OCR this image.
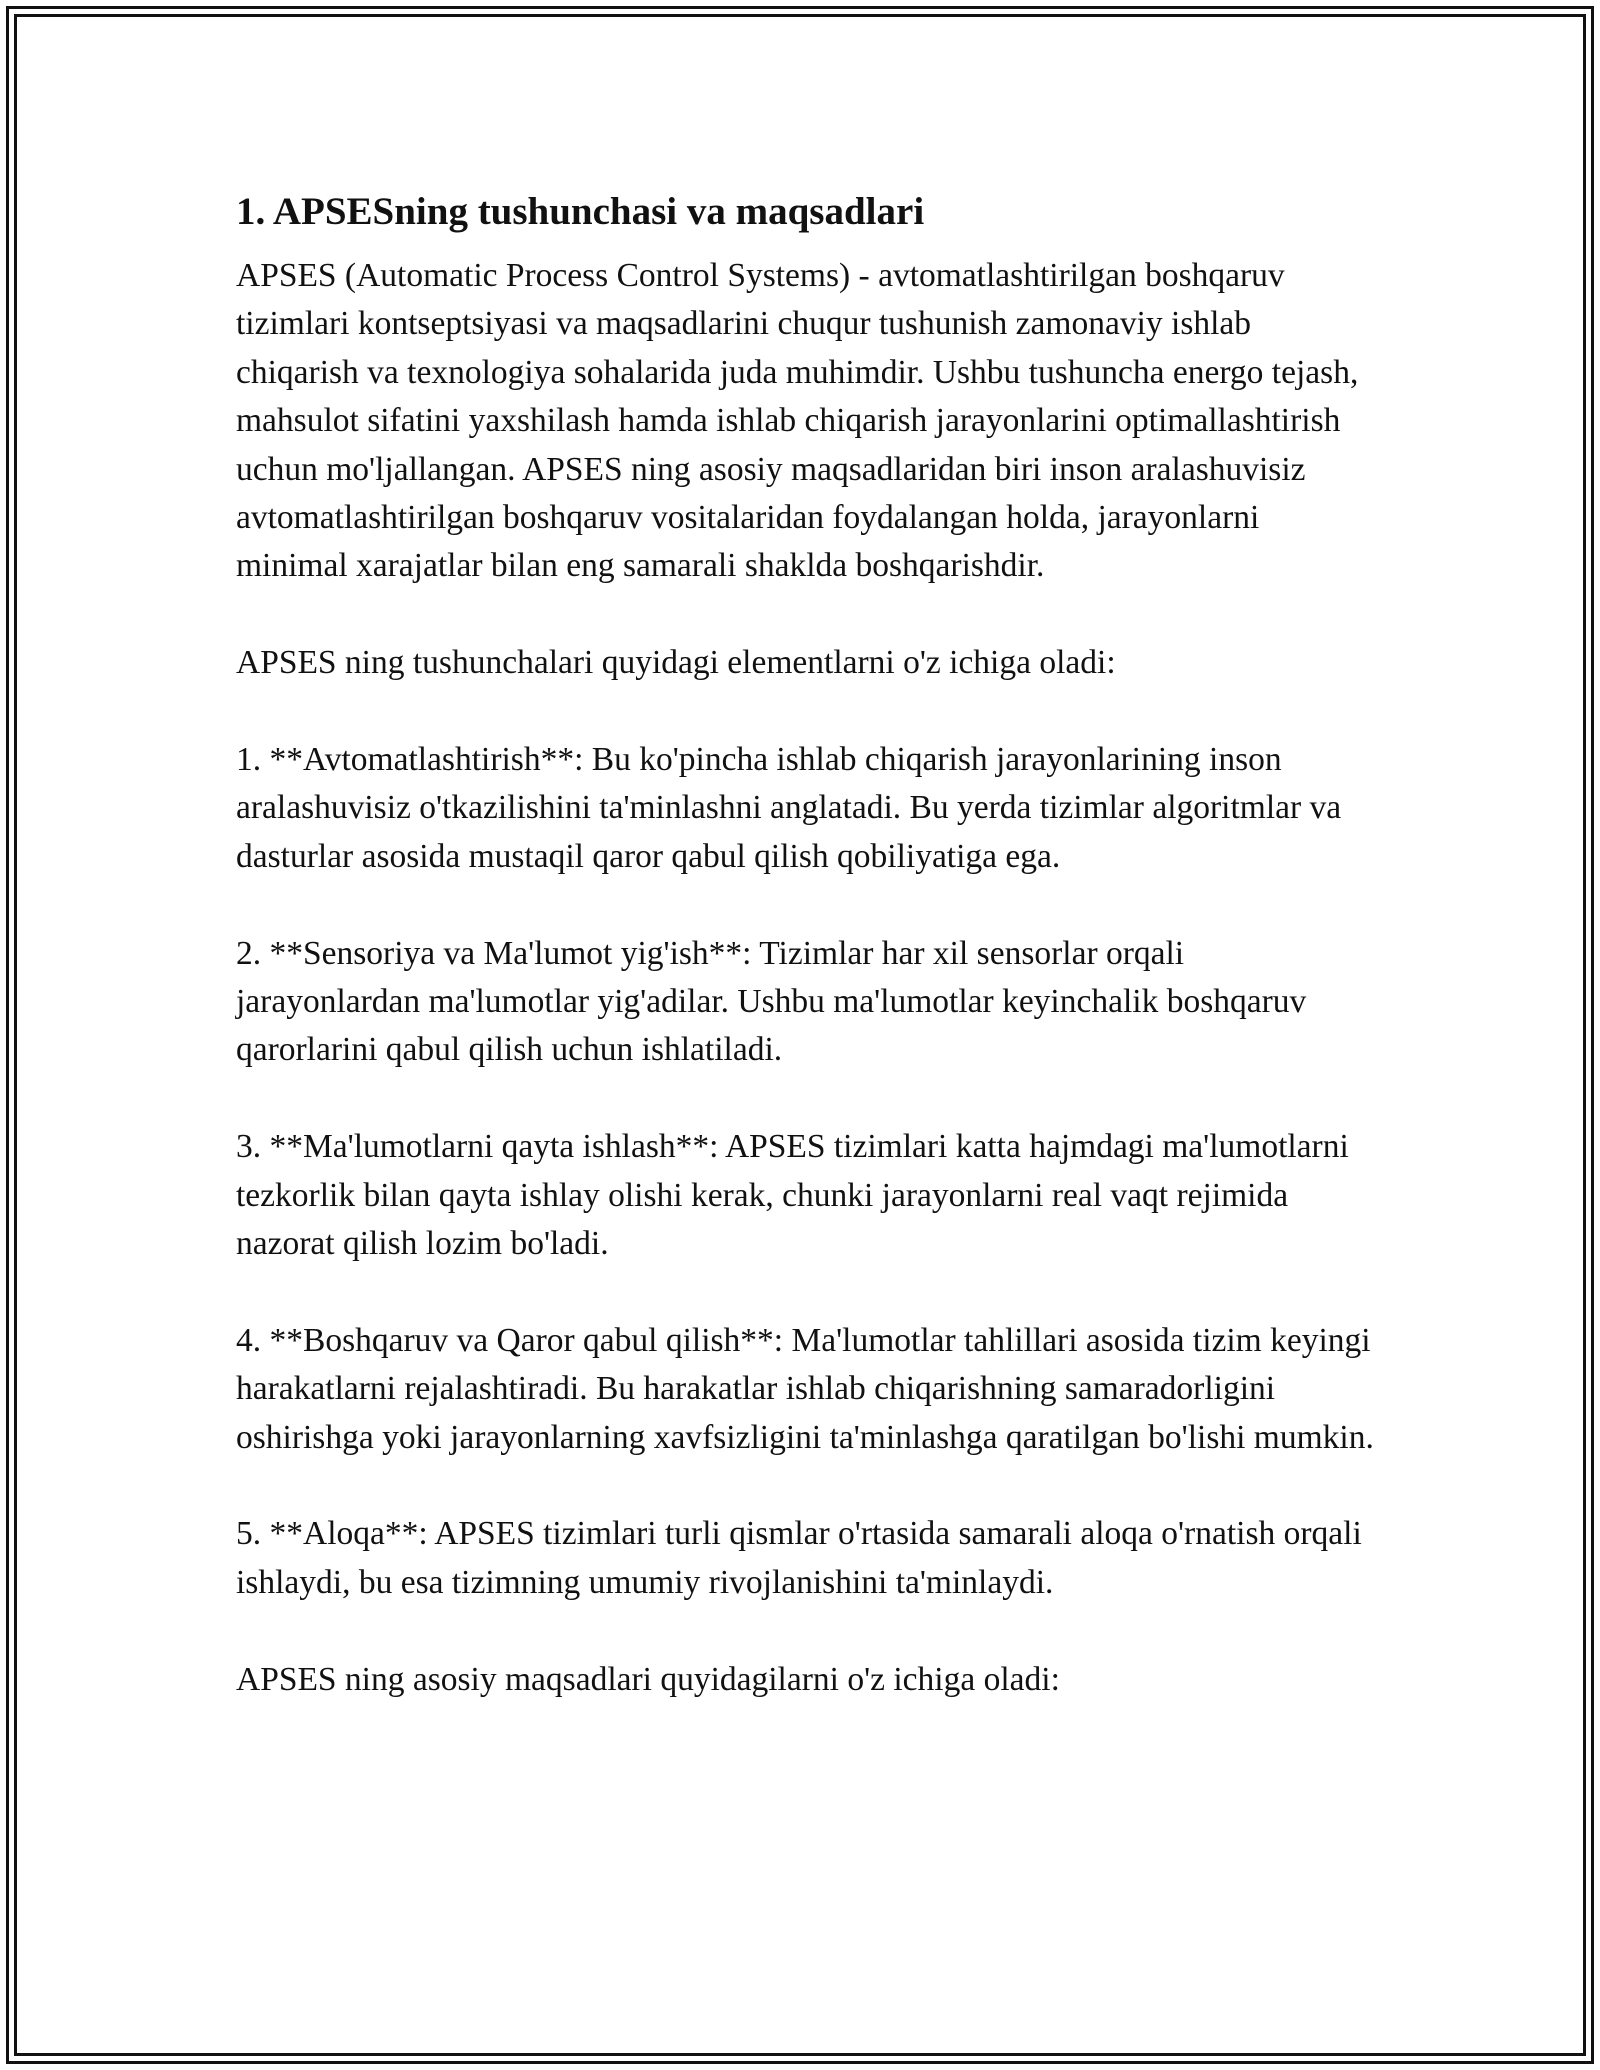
1. APSESning tushunchasi va maqsadlari

APSES (Automatic Process Control Systems) - avtomatlashtirilgan boshqaruv tizimlari kontseptsiyasi va maqsadlarini chuqur tushunish zamonaviy ishlab chiqarish va texnologiya sohalarida juda muhimdir. Ushbu tushuncha energo tejash, mahsulot sifatini yaxshilash hamda ishlab chiqarish jarayonlarini optimallashtirish uchun mo'ljallangan. APSES ning asosiy maqsadlaridan biri inson aralashuvisiz avtomatlashtirilgan boshqaruv vositalaridan foydalangan holda, jarayonlarni minimal xarajatlar bilan eng samarali shaklda boshqarishdir.

APSES ning tushunchalari quyidagi elementlarni o'z ichiga oladi:

1. **Avtomatlashtirish**: Bu ko'pincha ishlab chiqarish jarayonlarining inson aralashuvisiz o'tkazilishini ta'minlashni anglatadi. Bu yerda tizimlar algoritmlar va dasturlar asosida mustaqil qaror qabul qilish qobiliyatiga ega.

2. **Sensoriya va Ma'lumot yig'ish**: Tizimlar har xil sensorlar orqali jarayonlardan ma'lumotlar yig'adilar. Ushbu ma'lumotlar keyinchalik boshqaruv qarorlarini qabul qilish uchun ishlatiladi.

3. **Ma'lumotlarni qayta ishlash**: APSES tizimlari katta hajmdagi ma'lumotlarni tezkorlik bilan qayta ishlay olishi kerak, chunki jarayonlarni real vaqt rejimida nazorat qilish lozim bo'ladi.

4. **Boshqaruv va Qaror qabul qilish**: Ma'lumotlar tahlillari asosida tizim keyingi harakatlarni rejalashtiradi. Bu harakatlar ishlab chiqarishning samaradorligini oshirishga yoki jarayonlarning xavfsizligini ta'minlashga qaratilgan bo'lishi mumkin.

5. **Aloqa**: APSES tizimlari turli qismlar o'rtasida samarali aloqa o'rnatish orqali ishlaydi, bu esa tizimning umumiy rivojlanishini ta'minlaydi.

APSES ning asosiy maqsadlari quyidagilarni o'z ichiga oladi:
